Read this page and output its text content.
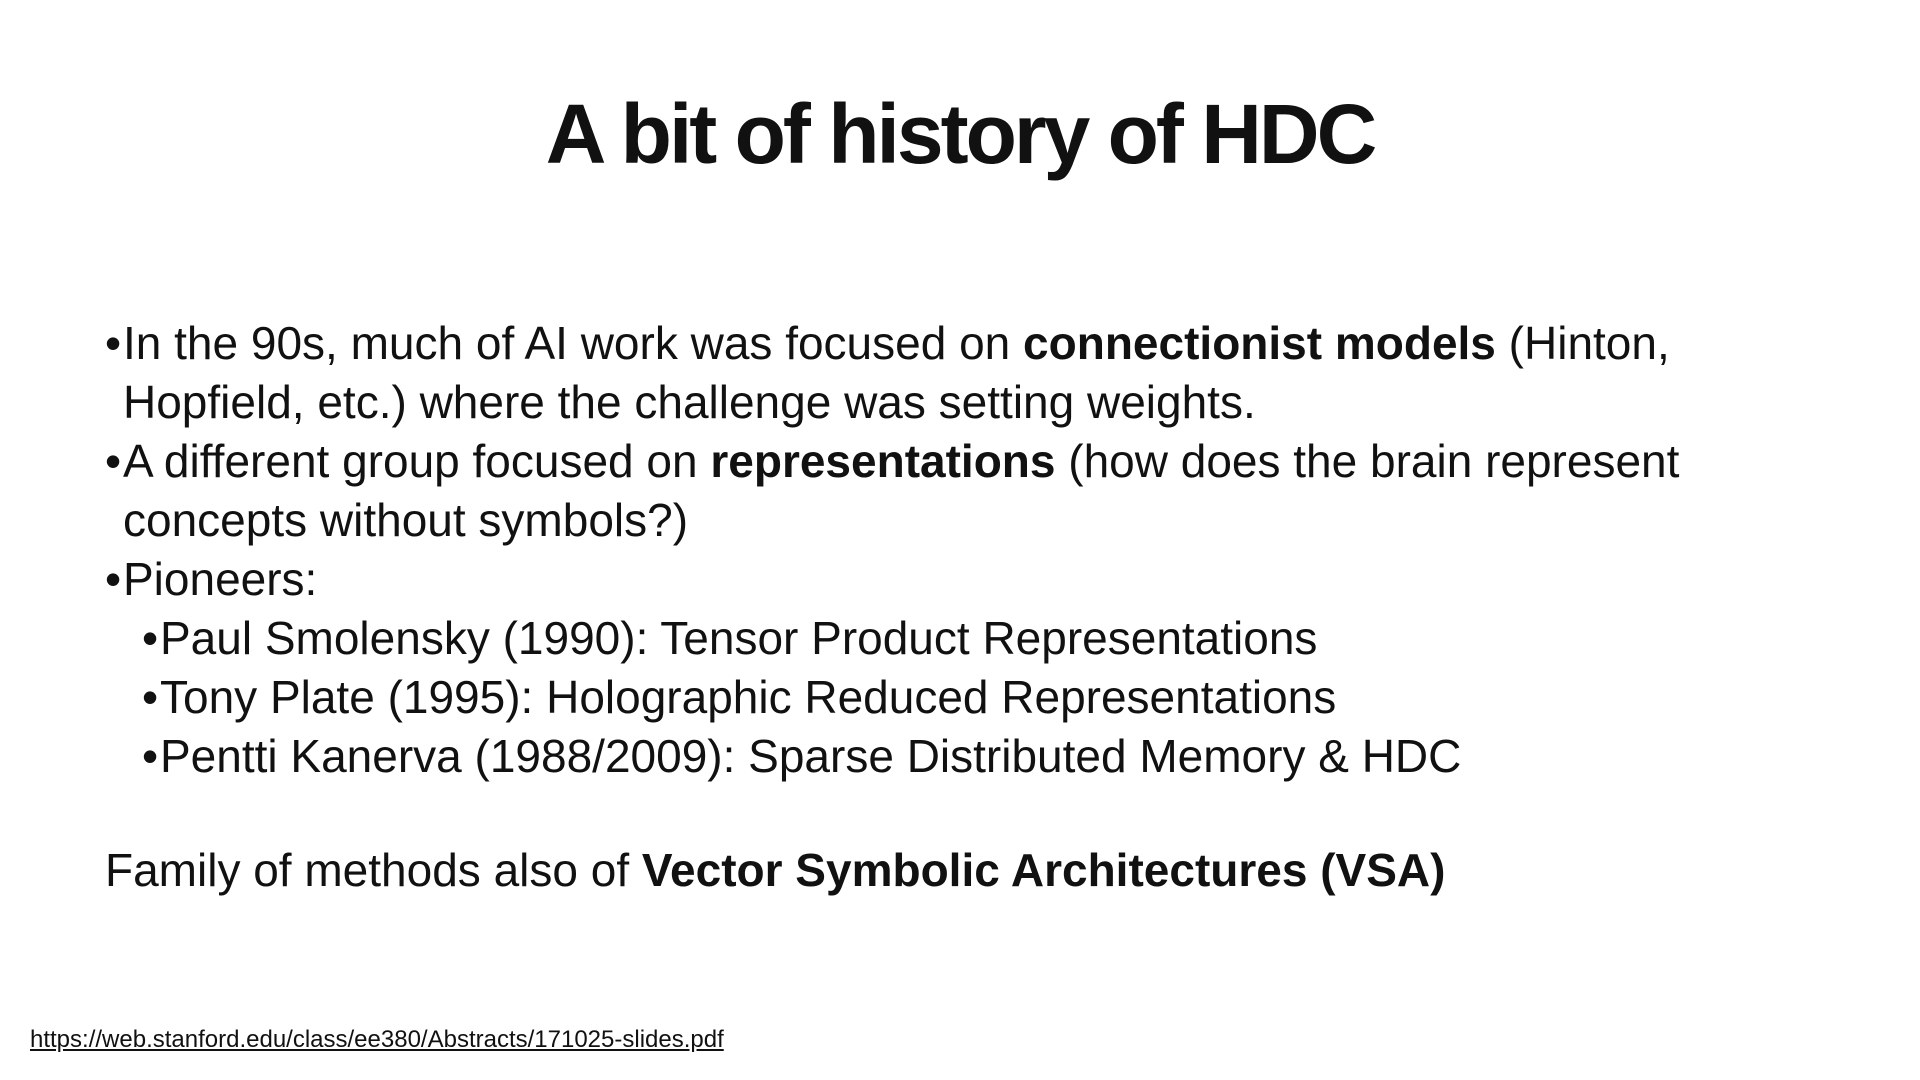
A bit of history of HDC
• In the 90s, much of AI work was focused on connectionist models (Hinton, Hopfield, etc.) where the challenge was setting weights.
• A different group focused on representations (how does the brain represent concepts without symbols?)
• Pioneers:
• Paul Smolensky (1990): Tensor Product Representations
• Tony Plate (1995): Holographic Reduced Representations
• Pentti Kanerva (1988/2009): Sparse Distributed Memory & HDC
Family of methods also of Vector Symbolic Architectures (VSA)
https://web.stanford.edu/class/ee380/Abstracts/171025-slides.pdf
